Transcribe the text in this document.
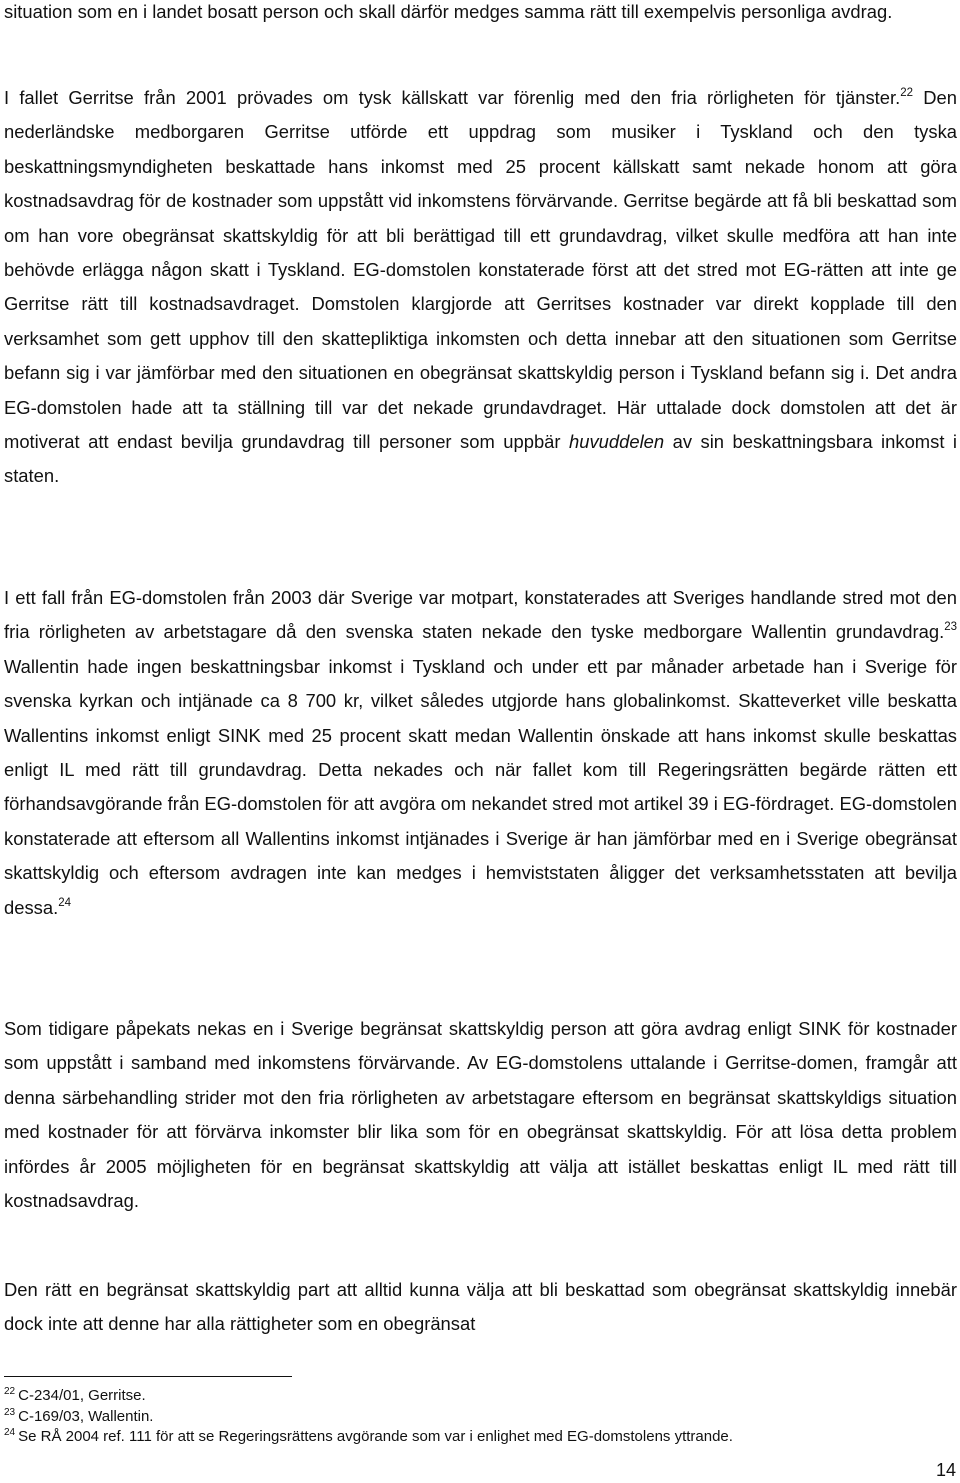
situation som en i landet bosatt person och skall därför medges samma rätt till exempelvis personliga avdrag.

I fallet Gerritse från 2001 prövades om tysk källskatt var förenlig med den fria rörligheten för tjänster.$^{22}$ Den nederländske medborgaren Gerritse utförde ett uppdrag som musiker i Tyskland och den tyska beskattningsmyndigheten beskattade hans inkomst med 25 procent källskatt samt nekade honom att göra kostnadsavdrag för de kostnader som uppstått vid inkomstens förvärvande. Gerritse begärde att få bli beskattad som om han vore obegränsat skattskyldig för att bli berättigad till ett grundavdrag, vilket skulle medföra att han inte behövde erlägga någon skatt i Tyskland. EG-domstolen konstaterade först att det stred mot EG-rätten att inte ge Gerritse rätt till kostnadsavdraget. Domstolen klargjorde att Gerritses kostnader var direkt kopplade till den verksamhet som gett upphov till den skattepliktiga inkomsten och detta innebar att den situationen som Gerritse befann sig i var jämförbar med den situationen en obegränsat skattskyldig person i Tyskland befann sig i. Det andra EG-domstolen hade att ta ställning till var det nekade grundavdraget. Här uttalade dock domstolen att det är motiverat att endast bevilja grundavdrag till personer som uppbär huvuddelen av sin beskattningsbara inkomst i staten.

I ett fall från EG-domstolen från 2003 där Sverige var motpart, konstaterades att Sveriges handlande stred mot den fria rörligheten av arbetstagare då den svenska staten nekade den tyske medborgare Wallentin grundavdrag.$^{23}$ Wallentin hade ingen beskattningsbar inkomst i Tyskland och under ett par månader arbetade han i Sverige för svenska kyrkan och intjänade ca 8 700 kr, vilket således utgjorde hans globalinkomst. Skatteverket ville beskatta Wallentins inkomst enligt SINK med 25 procent skatt medan Wallentin önskade att hans inkomst skulle beskattas enligt IL med rätt till grundavdrag. Detta nekades och när fallet kom till Regeringsrätten begärde rätten ett förhandsavgörande från EG-domstolen för att avgöra om nekandet stred mot artikel 39 i EG-fördraget. EG-domstolen konstaterade att eftersom all Wallentins inkomst intjänades i Sverige är han jämförbar med en i Sverige obegränsat skattskyldig och eftersom avdragen inte kan medges i hemviststaten åligger det verksamhetsstaten att bevilja dessa.$^{24}$

Som tidigare påpekats nekas en i Sverige begränsat skattskyldig person att göra avdrag enligt SINK för kostnader som uppstått i samband med inkomstens förvärvande. Av EG-domstolens uttalande i Gerritse-domen, framgår att denna särbehandling strider mot den fria rörligheten av arbetstagare eftersom en begränsat skattskyldigs situation med kostnader för att förvärva inkomster blir lika som för en obegränsat skattskyldig. För att lösa detta problem infördes år 2005 möjligheten för en begränsat skattskyldig att välja att istället beskattas enligt IL med rätt till kostnadsavdrag.

Den rätt en begränsat skattskyldig part att alltid kunna välja att bli beskattad som obegränsat skattskyldig innebär dock inte att denne har alla rättigheter som en obegränsat

$^{22}$ C-234/01, Gerritse.
$^{23}$ C-169/03, Wallentin.
$^{24}$ Se RÅ 2004 ref. 111 för att se Regeringsrättens avgörande som var i enlighet med EG-domstolens yttrande.
14
